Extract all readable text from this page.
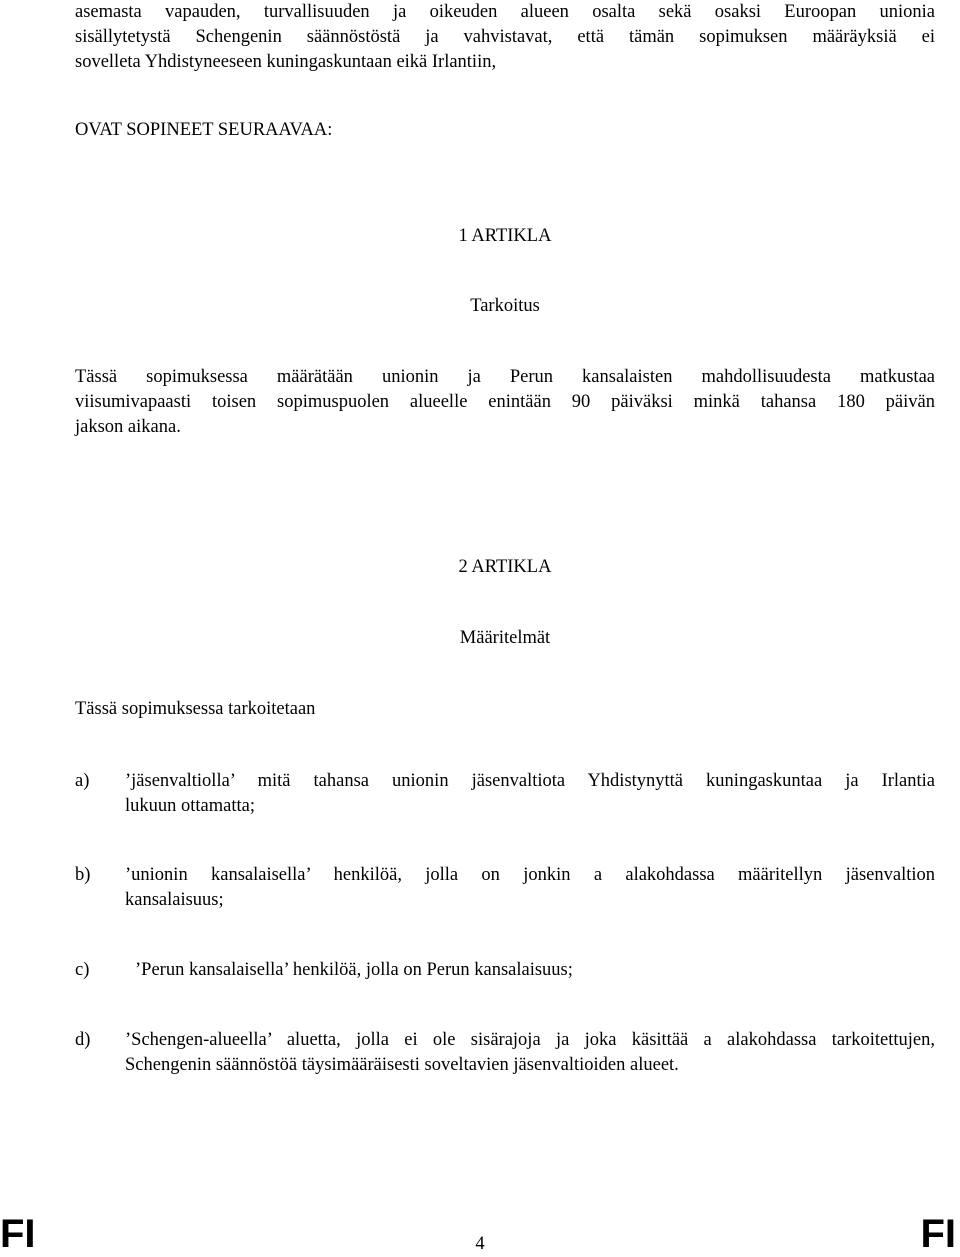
asemasta vapauden, turvallisuuden ja oikeuden alueen osalta sekä osaksi Euroopan unionia
sisällytetystä Schengenin säännöstöstä ja vahvistavat, että tämän sopimuksen määräyksiä ei
sovelleta Yhdistyneeseen kuningaskuntaan eikä Irlantiin,
OVAT SOPINEET SEURAAVAA:
1 ARTIKLA
Tarkoitus
Tässä sopimuksessa määrätään unionin ja Perun kansalaisten mahdollisuudesta matkustaa
viisumivapaasti toisen sopimuspuolen alueelle enintään 90 päiväksi minkä tahansa 180 päivän
jakson aikana.
2 ARTIKLA
Määritelmät
Tässä sopimuksessa tarkoitetaan
a)	’jäsenvaltiolla’ mitä tahansa unionin jäsenvaltiota Yhdistynyttä kuningaskuntaa ja Irlantia
lukuun ottamatta;
b)	’unionin kansalaisella’ henkilöä, jolla on jonkin a alakohdassa määritellyn jäsenvaltion
kansalaisuus;
c)	’Perun kansalaisella’ henkilöä, jolla on Perun kansalaisuus;
d)	’Schengen-alueella’ aluetta, jolla ei ole sisärajoja ja joka käsittää a alakohdassa tarkoitettujen,
Schengenin säännöstöä täysimääräisesti soveltavien jäsenvaltioiden alueet.
FI	4	FI
